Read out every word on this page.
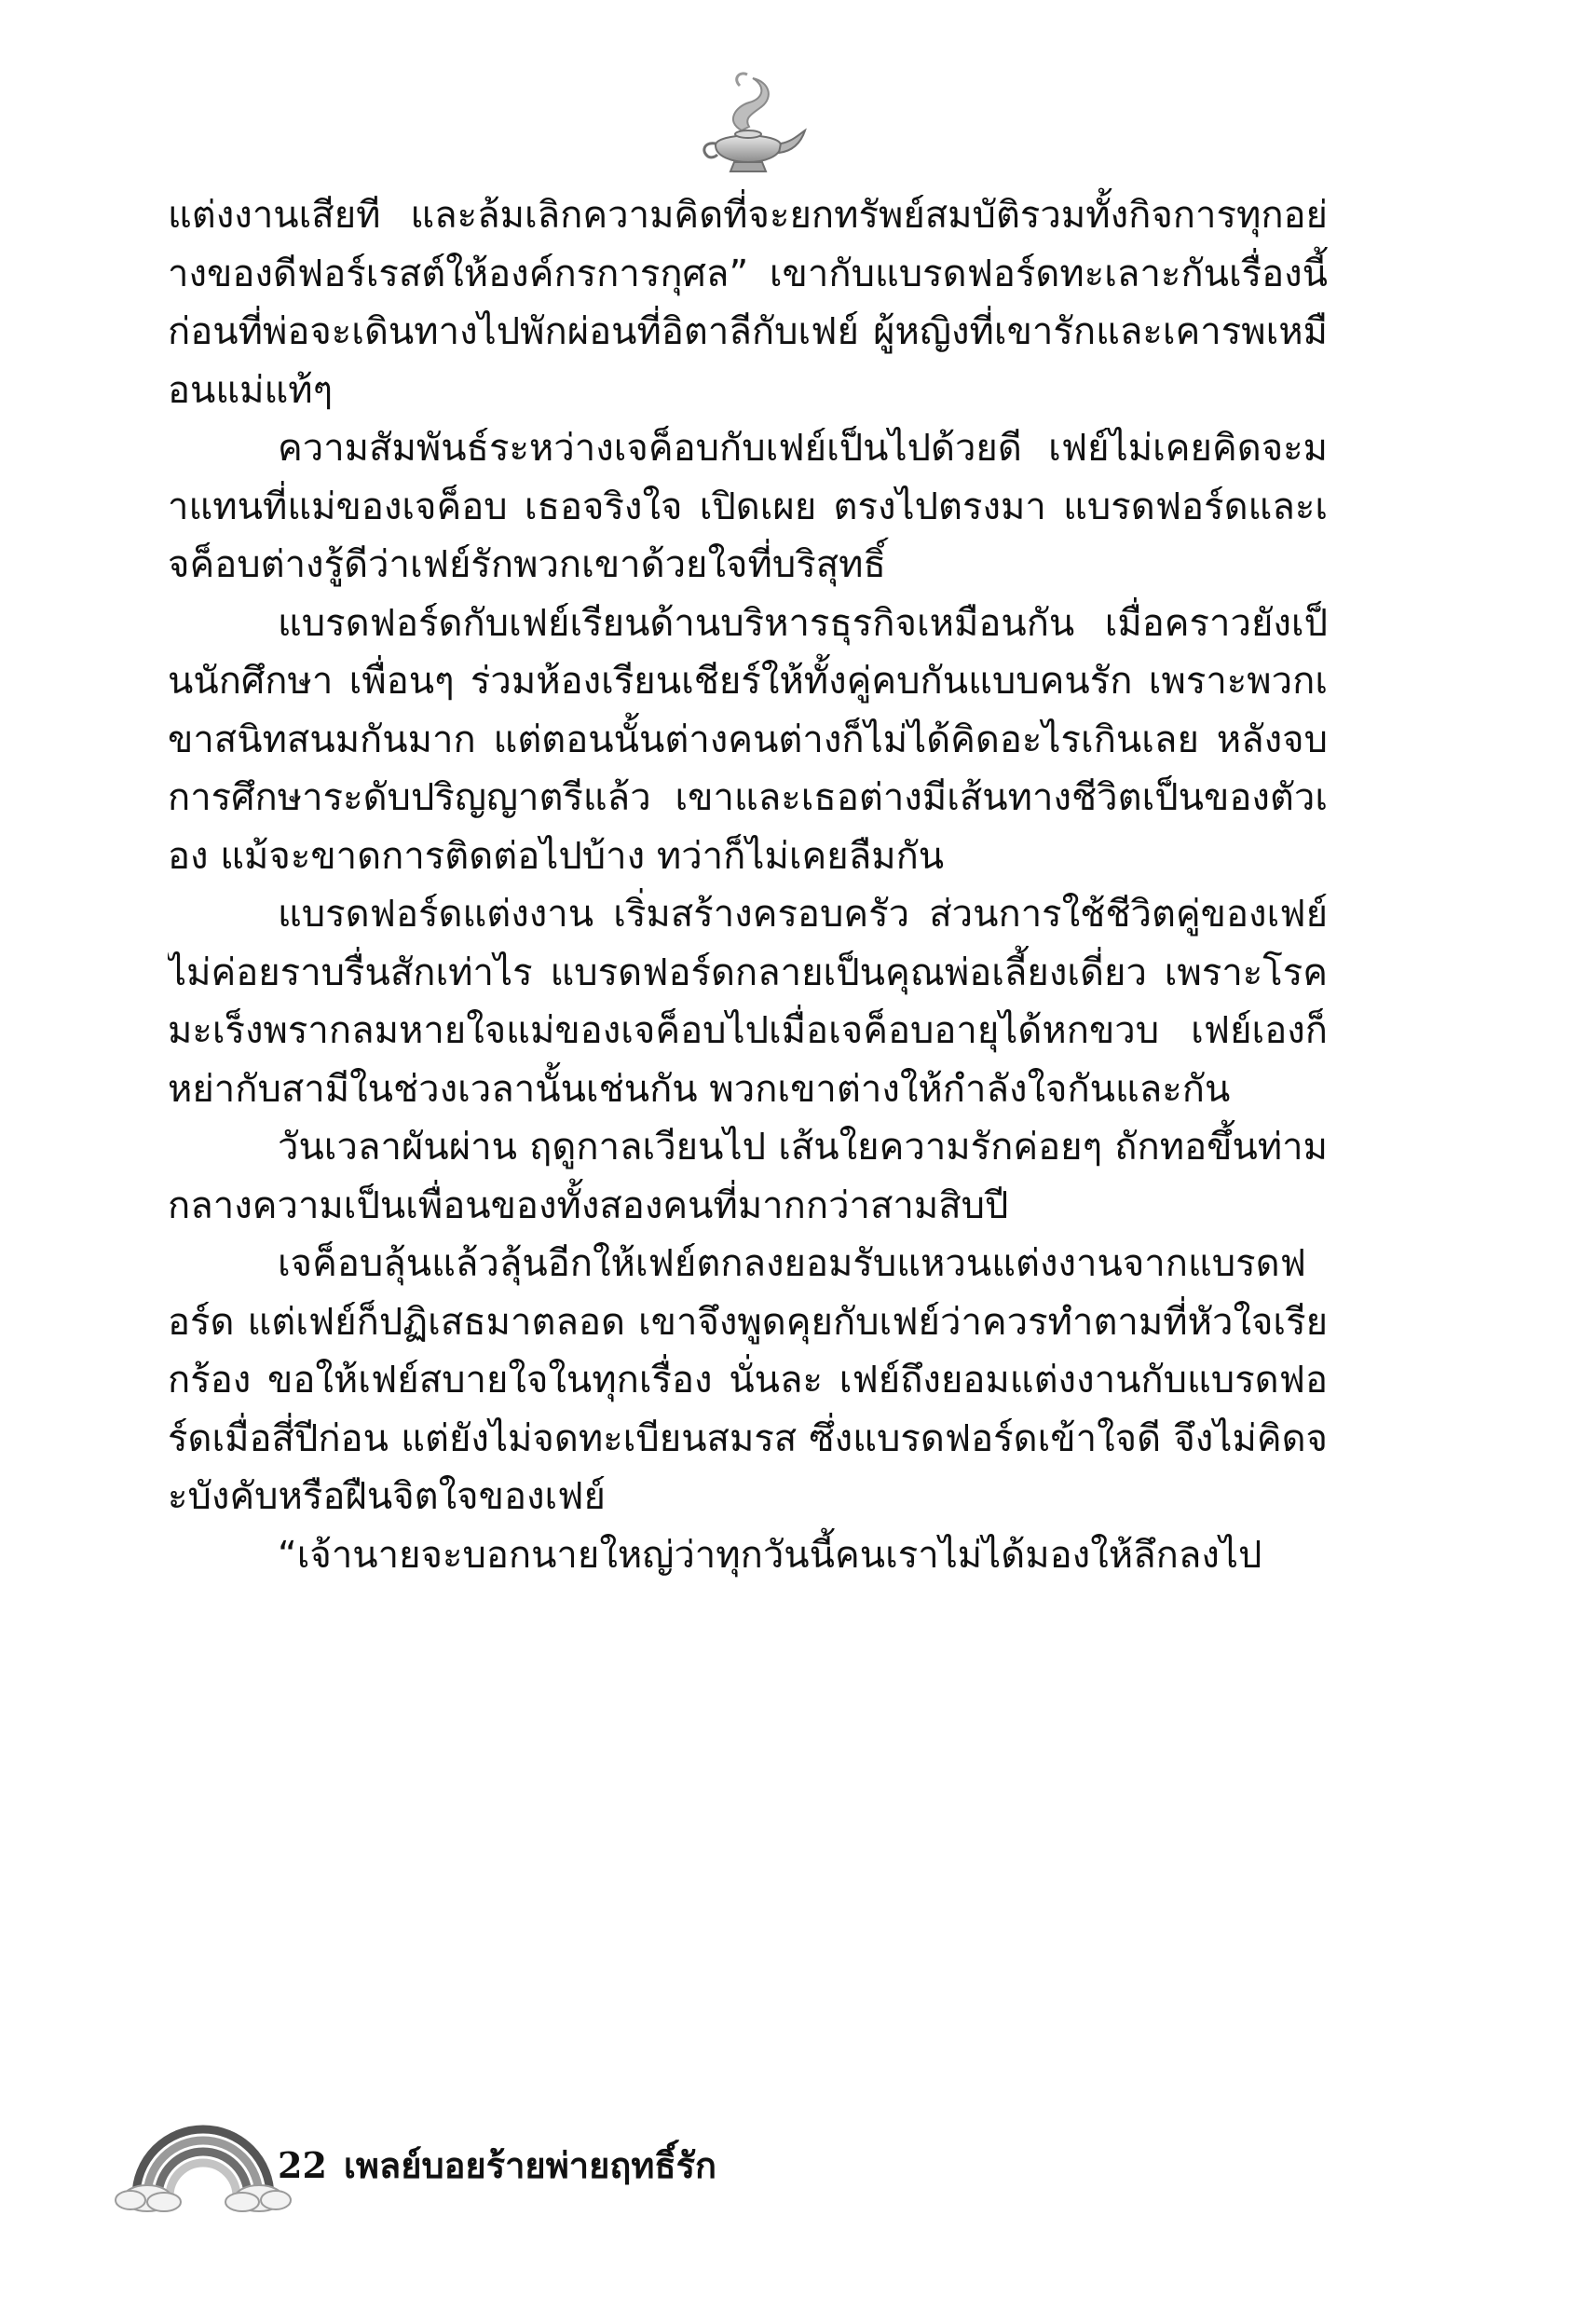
แต่งงานเสียที และล้มเลิกความคิดที่จะยกทรัพย์สมบัติรวมทั้งกิจการทุกอย่างของดีฟอร์เรสต์ให้องค์กรการกุศล” เขากับแบรดฟอร์ดทะเลาะกันเรื่องนี้ ก่อนที่พ่อจะเดินทางไปพักผ่อนที่อิตาลีกับเฟย์ ผู้หญิงที่เขารักและเคารพเหมือนแม่แท้ๆ

ความสัมพันธ์ระหว่างเจค็อบกับเฟย์เป็นไปด้วยดี เฟย์ไม่เคยคิดจะมาแทนที่แม่ของเจค็อบ เธอจริงใจ เปิดเผย ตรงไปตรงมา แบรดฟอร์ดและเจค็อบต่างรู้ดีว่าเฟย์รักพวกเขาด้วยใจที่บริสุทธิ์

แบรดฟอร์ดกับเฟย์เรียนด้านบริหารธุรกิจเหมือนกัน เมื่อคราวยังเป็นนักศึกษา เพื่อนๆ ร่วมห้องเรียนเชียร์ให้ทั้งคู่คบกันแบบคนรัก เพราะพวกเขาสนิทสนมกันมาก แต่ตอนนั้นต่างคนต่างก็ไม่ได้คิดอะไรเกินเลย หลังจบการศึกษาระดับปริญญาตรีแล้ว เขาและเธอต่างมีเส้นทางชีวิตเป็นของตัวเอง แม้จะขาดการติดต่อไปบ้าง ทว่าก็ไม่เคยลืมกัน

แบรดฟอร์ดแต่งงาน เริ่มสร้างครอบครัว ส่วนการใช้ชีวิตคู่ของเฟย์ไม่ค่อยราบรื่นสักเท่าไร แบรดฟอร์ดกลายเป็นคุณพ่อเลี้ยงเดี่ยว เพราะโรคมะเร็งพรากลมหายใจแม่ของเจค็อบไปเมื่อเจค็อบอายุได้หกขวบ เฟย์เองก็หย่ากับสามีในช่วงเวลานั้นเช่นกัน พวกเขาต่างให้กำลังใจกันและกัน

วันเวลาผันผ่าน ฤดูกาลเวียนไป เส้นใยความรักค่อยๆ ถักทอขึ้นท่ามกลางความเป็นเพื่อนของทั้งสองคนที่มากกว่าสามสิบปี

เจค็อบลุ้นแล้วลุ้นอีกให้เฟย์ตกลงยอมรับแหวนแต่งงานจากแบรดฟอร์ด แต่เฟย์ก็ปฏิเสธมาตลอด เขาจึงพูดคุยกับเฟย์ว่าควรทำตามที่หัวใจเรียกร้อง ขอให้เฟย์สบายใจในทุกเรื่อง นั่นละ เฟย์ถึงยอมแต่งงานกับแบรดฟอร์ดเมื่อสี่ปีก่อน แต่ยังไม่จดทะเบียนสมรส ซึ่งแบรดฟอร์ดเข้าใจดี จึงไม่คิดจะบังคับหรือฝืนจิตใจของเฟย์

“เจ้านายจะบอกนายใหญ่ว่าทุกวันนี้คนเราไม่ได้มองให้ลึกลงไป

22 เพลย์บอยร้ายพ่ายฤทธิ์รัก
